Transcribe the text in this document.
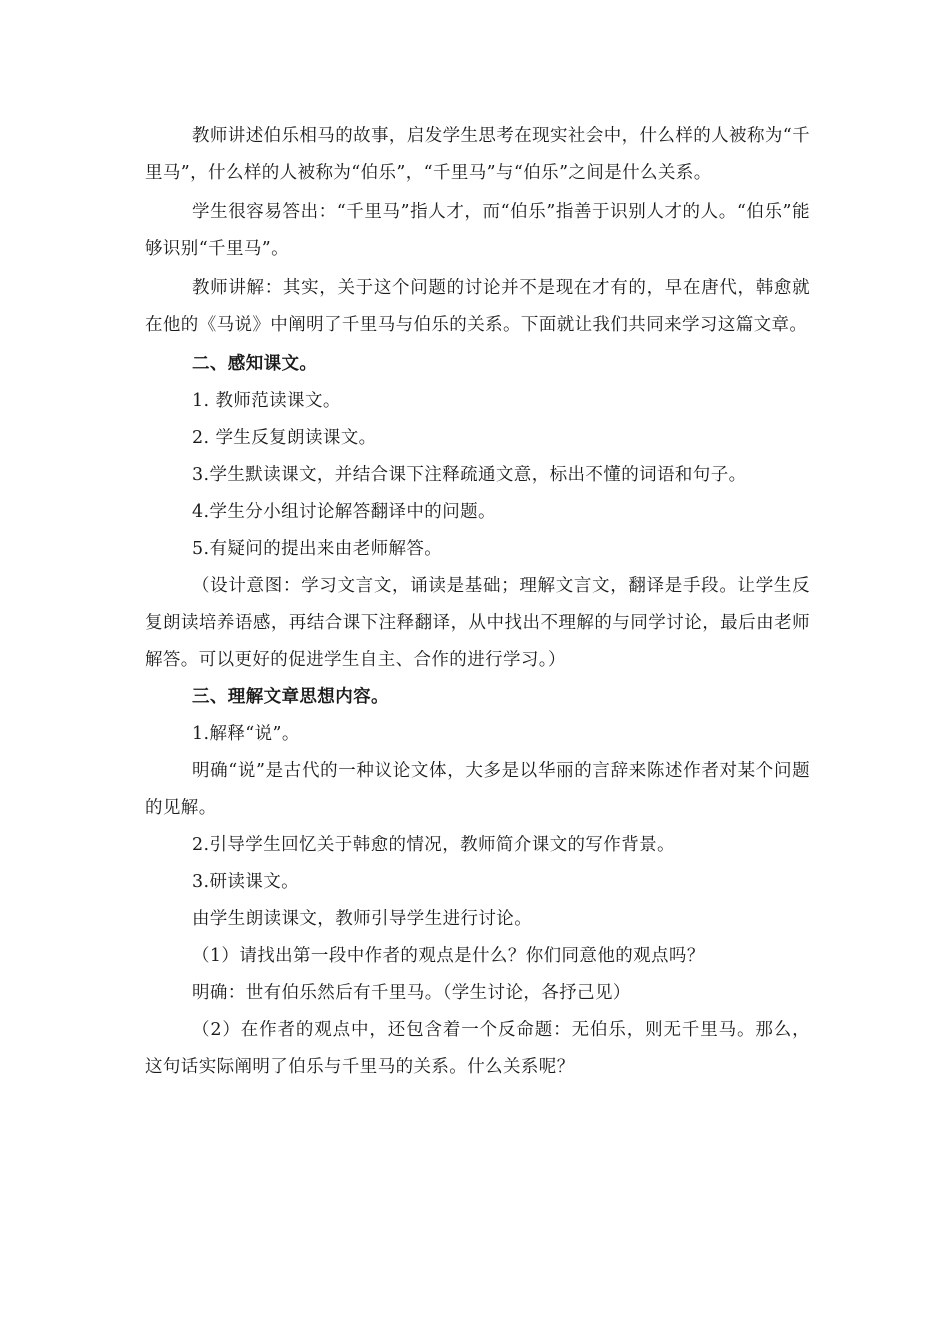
教师讲述伯乐相马的故事，启发学生思考在现实社会中，什么样的人被称为“千里马”，什么样的人被称为“伯乐”，“千里马”与“伯乐”之间是什么关系。

学生很容易答出：“千里马”指人才，而“伯乐”指善于识别人才的人。“伯乐”能够识别“千里马”。

教师讲解：其实，关于这个问题的讨论并不是现在才有的，早在唐代，韩愈就在他的《马说》中阐明了千里马与伯乐的关系。下面就让我们共同来学习这篇文章。

二、感知课文。

1. 教师范读课文。

2. 学生反复朗读课文。

3.学生默读课文，并结合课下注释疏通文意，标出不懂的词语和句子。

4.学生分小组讨论解答翻译中的问题。

5.有疑问的提出来由老师解答。

（设计意图：学习文言文，诵读是基础；理解文言文，翻译是手段。让学生反复朗读培养语感，再结合课下注释翻译，从中找出不理解的与同学讨论，最后由老师解答。可以更好的促进学生自主、合作的进行学习。）

三、理解文章思想内容。

1.解释“说”。

明确“说”是古代的一种议论文体，大多是以华丽的言辞来陈述作者对某个问题的见解。

2.引导学生回忆关于韩愈的情况，教师简介课文的写作背景。

3.研读课文。

由学生朗读课文，教师引导学生进行讨论。

（1）请找出第一段中作者的观点是什么？你们同意他的观点吗？

明确：世有伯乐然后有千里马。（学生讨论，各抒己见）

（2）在作者的观点中，还包含着一个反命题：无伯乐，则无千里马。那么，这句话实际阐明了伯乐与千里马的关系。什么关系呢？
